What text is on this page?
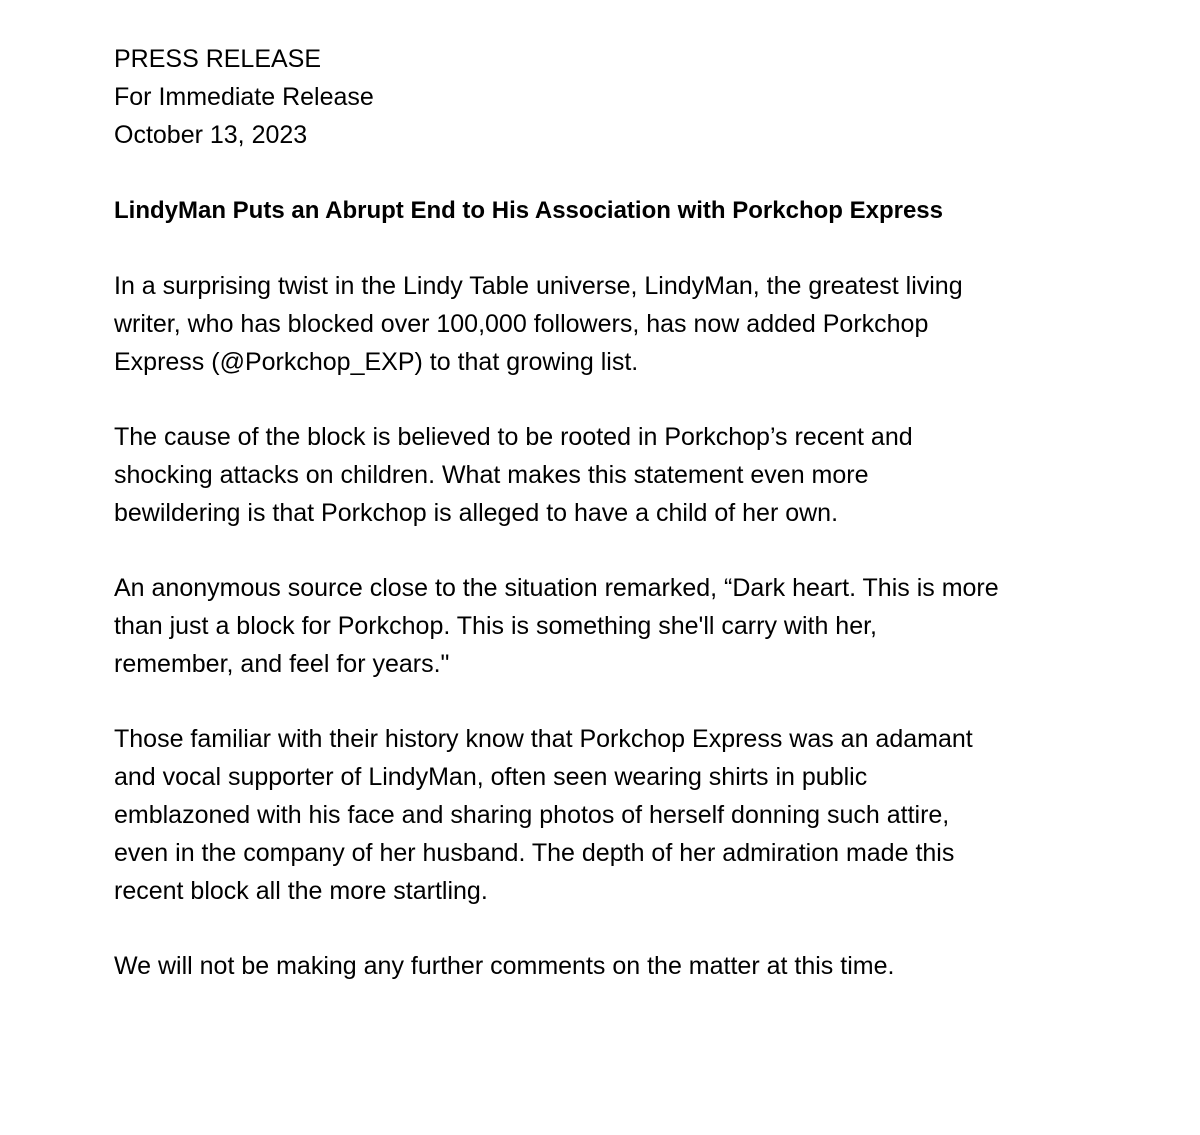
PRESS RELEASE
For Immediate Release
October 13, 2023
LindyMan Puts an Abrupt End to His Association with Porkchop Express
In a surprising twist in the Lindy Table universe, LindyMan, the greatest living
writer, who has blocked over 100,000 followers, has now added Porkchop
Express (@Porkchop_EXP) to that growing list.
The cause of the block is believed to be rooted in Porkchop’s recent and
shocking attacks on children. What makes this statement even more
bewildering is that Porkchop is alleged to have a child of her own.
An anonymous source close to the situation remarked, “Dark heart. This is more
than just a block for Porkchop. This is something she'll carry with her,
remember, and feel for years."
Those familiar with their history know that Porkchop Express was an adamant
and vocal supporter of LindyMan, often seen wearing shirts in public
emblazoned with his face and sharing photos of herself donning such attire,
even in the company of her husband. The depth of her admiration made this
recent block all the more startling.
We will not be making any further comments on the matter at this time.
